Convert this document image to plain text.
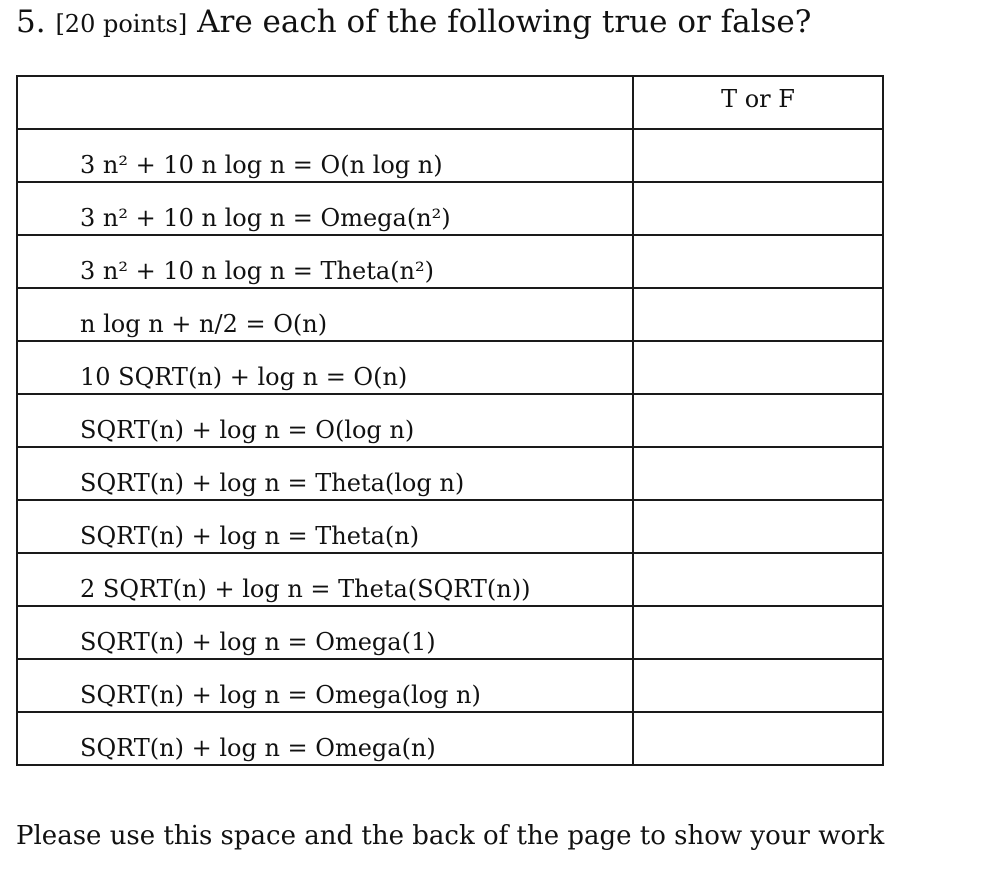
5. [20 points] Are each of the following true or false?

	T or F

3 n² + 10 n log n = O(n log n)	
3 n² + 10 n log n = Omega(n²)	
3 n² + 10 n log n = Theta(n²)	
n log n + n/2 = O(n)	
10 SQRT(n) + log n = O(n)	
SQRT(n) + log n = O(log n)	
SQRT(n) + log n = Theta(log n)	
SQRT(n) + log n = Theta(n)	
2 SQRT(n) + log n = Theta(SQRT(n))	
SQRT(n) + log n = Omega(1)	
SQRT(n) + log n = Omega(log n)	
SQRT(n) + log n = Omega(n)	
Please use this space and the back of the page to show your work
